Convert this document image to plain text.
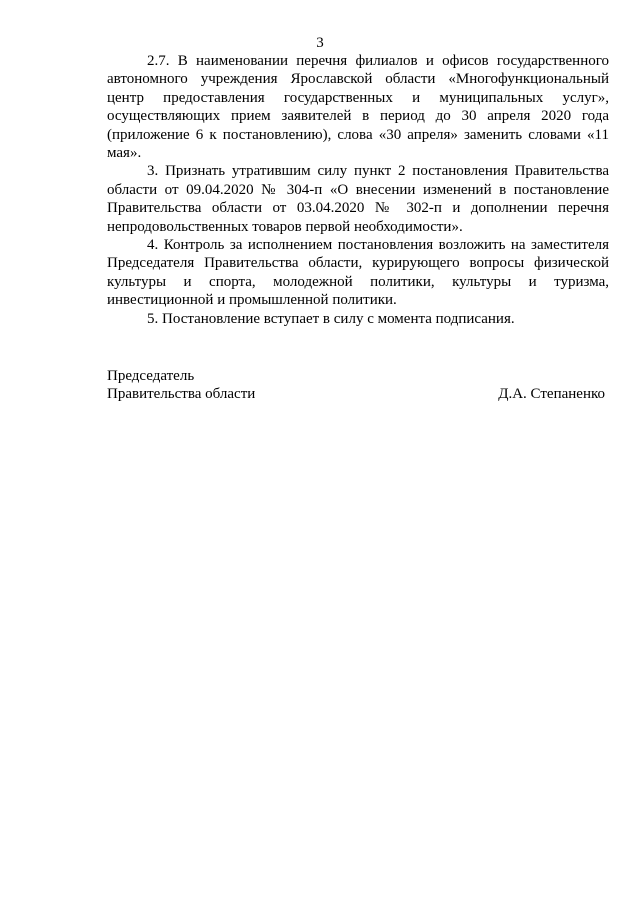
3

2.7. В наименовании перечня филиалов и офисов государственного автономного учреждения Ярославской области «Многофункциональный центр предоставления государственных и муниципальных услуг», осуществляющих прием заявителей в период до 30 апреля 2020 года (приложение 6 к постановлению), слова «30 апреля» заменить словами «11 мая».

3. Признать утратившим силу пункт 2 постановления Правительства области от 09.04.2020 № 304-п «О внесении изменений в постановление Правительства области от 03.04.2020 № 302-п и дополнении перечня непродовольственных товаров первой необходимости».

4. Контроль за исполнением постановления возложить на заместителя Председателя Правительства области, курирующего вопросы физической культуры и спорта, молодежной политики, культуры и туризма, инвестиционной и промышленной политики.

5. Постановление вступает в силу с момента подписания.

Председатель

Правительства области	Д.А. Степаненко
